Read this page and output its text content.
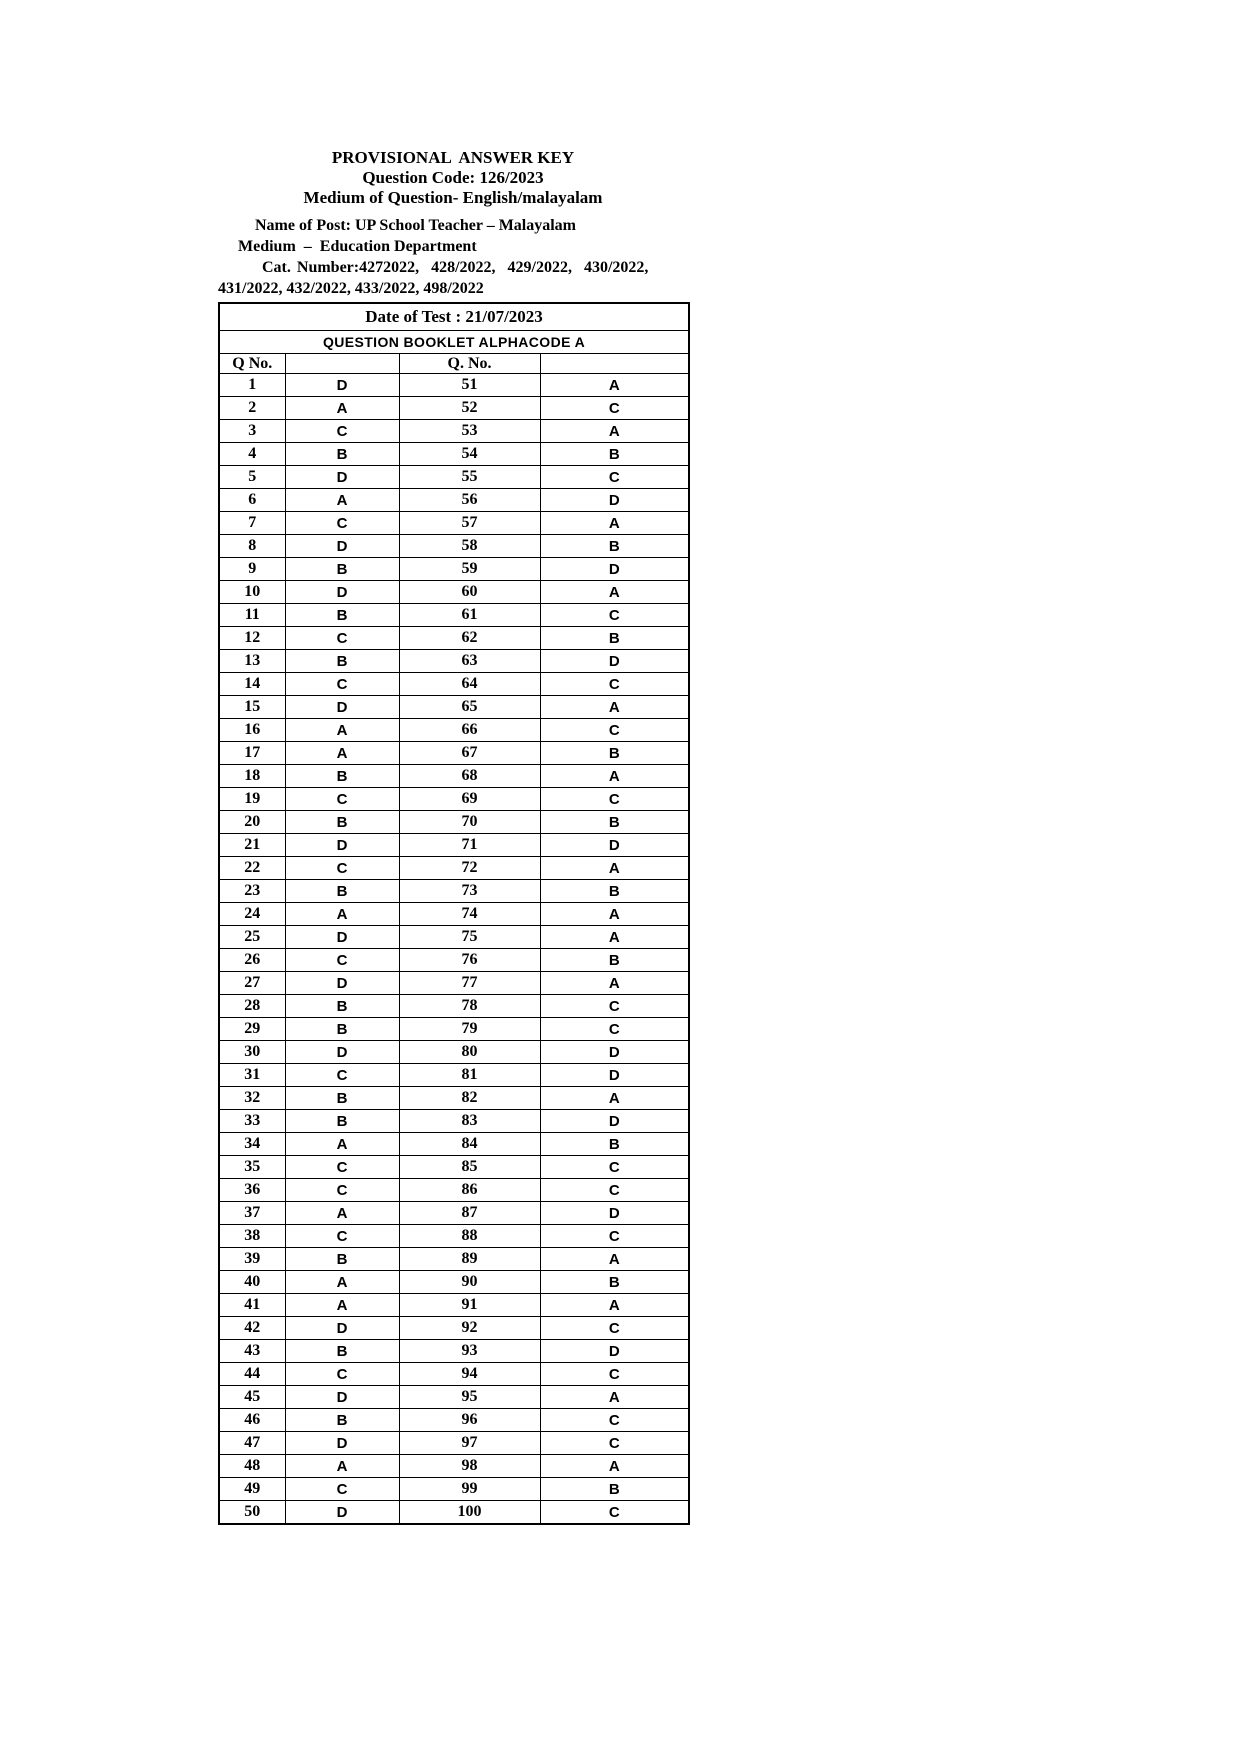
PROVISIONAL  ANSWER KEY
Question Code: 126/2023
Medium of Question- English/malayalam
Name of Post: UP School Teacher – Malayalam
Medium  –  Education Department
Cat. Number:4272022,  428/2022,  429/2022,  430/2022,
431/2022, 432/2022, 433/2022, 498/2022
Date of Test : 21/07/2023			
QUESTION BOOKLET ALPHACODE A			
Q No.		Q. No.	
1	D	51	A
2	A	52	C
3	C	53	A
4	B	54	B
5	D	55	C
6	A	56	D
7	C	57	A
8	D	58	B
9	B	59	D
10	D	60	A
11	B	61	C
12	C	62	B
13	B	63	D
14	C	64	C
15	D	65	A
16	A	66	C
17	A	67	B
18	B	68	A
19	C	69	C
20	B	70	B
21	D	71	D
22	C	72	A
23	B	73	B
24	A	74	A
25	D	75	A
26	C	76	B
27	D	77	A
28	B	78	C
29	B	79	C
30	D	80	D
31	C	81	D
32	B	82	A
33	B	83	D
34	A	84	B
35	C	85	C
36	C	86	C
37	A	87	D
38	C	88	C
39	B	89	A
40	A	90	B
41	A	91	A
42	D	92	C
43	B	93	D
44	C	94	C
45	D	95	A
46	B	96	C
47	D	97	C
48	A	98	A
49	C	99	B
50	D	100	C
